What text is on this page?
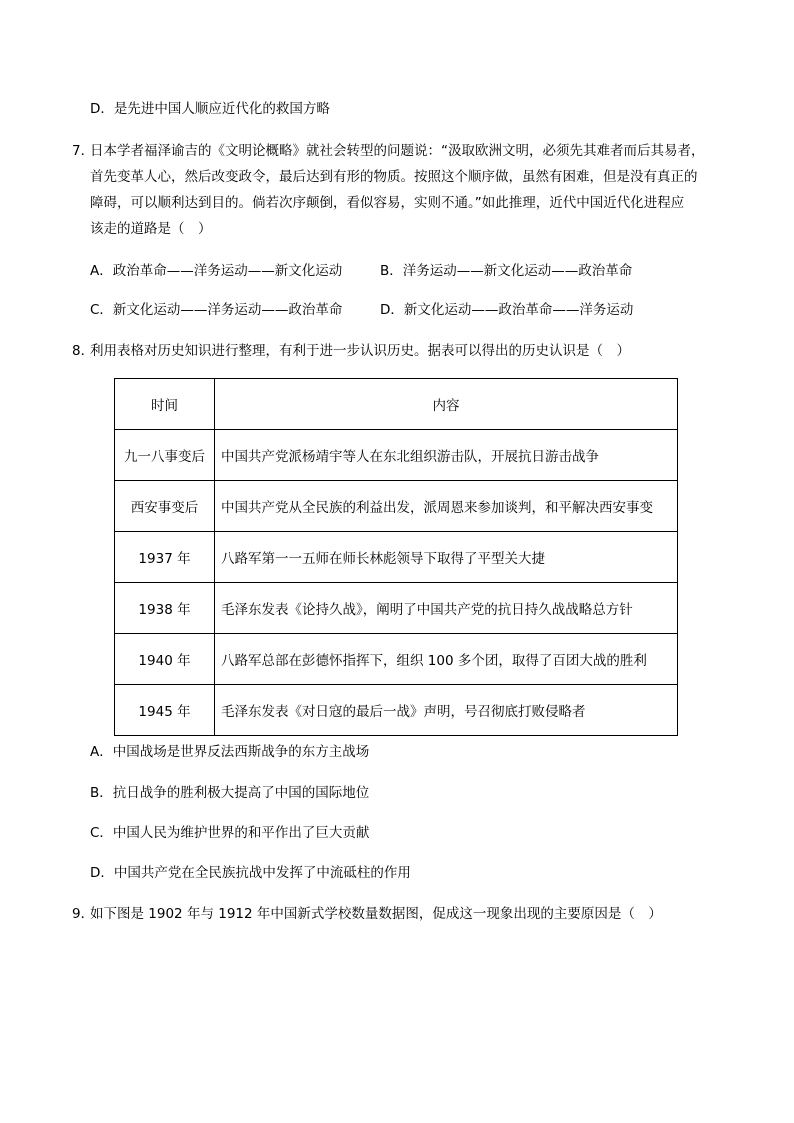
D．是先进中国人顺应近代化的救国方略
7．
日本学者福泽谕吉的《文明论概略》就社会转型的问题说：“汲取欧洲文明，必须先其难者而后其易者，
首先变革人心，然后改变政令，最后达到有形的物质。按照这个顺序做，虽然有困难，但是没有真正的
障碍，可以顺利达到目的。倘若次序颠倒，看似容易，实则不通。”如此推理，近代中国近代化进程应
该走的道路是（　）
A．政治革命——洋务运动——新文化运动	B．洋务运动——新文化运动——政治革命
C．新文化运动——洋务运动——政治革命	D．新文化运动——政治革命——洋务运动
8．
利用表格对历史知识进行整理，有利于进一步认识历史。据表可以得出的历史认识是（　）
时间	内容
九一八事变后	中国共产党派杨靖宇等人在东北组织游击队，开展抗日游击战争
西安事变后	中国共产党从全民族的利益出发，派周恩来参加谈判，和平解决西安事变
1937 年	八路军第一一五师在师长林彪领导下取得了平型关大捷
1938 年	毛泽东发表《论持久战》，阐明了中国共产党的抗日持久战战略总方针
1940 年	八路军总部在彭德怀指挥下，组织 100 多个团，取得了百团大战的胜利
1945 年	毛泽东发表《对日寇的最后一战》声明，号召彻底打败侵略者
A．中国战场是世界反法西斯战争的东方主战场
B．抗日战争的胜利极大提高了中国的国际地位
C．中国人民为维护世界的和平作出了巨大贡献
D．中国共产党在全民族抗战中发挥了中流砥柱的作用
9．
如下图是 1902 年与 1912 年中国新式学校数量数据图，促成这一现象出现的主要原因是（　）
